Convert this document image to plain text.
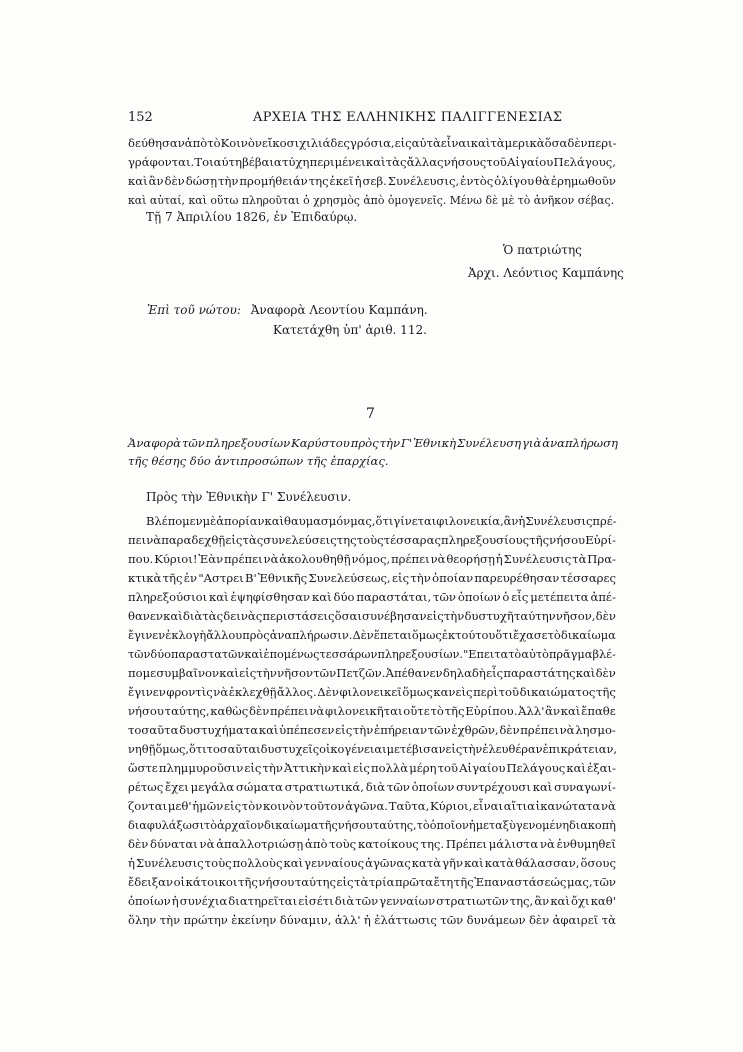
152	ΑΡΧΕΙΑ ΤΗΣ ΕΛΛΗΝΙΚΗΣ ΠΑΛΙΓΓΕΝΕΣΙΑΣ
δεύθησαν ἀπὸ τὸ Κοινὸν εἴκοσι χιλιάδες γρόσια, εἰς αὐτὰ εἶναι καὶ τὰ μερικὰ ὅσα δὲν περι-
γράφονται. Τοιαύτη βέβαια τύχη περιμένει καὶ τὰς ἄλλας νήσους τοῦ Αἰγαίου Πελάγους,
καὶ ἂν δὲν δώσῃ τὴν προμήθειάν της ἐκεῖ ἡ σεβ. Συνέλευσις, ἐντὸς ὀλίγου θὰ ἐρημωθοῦν
καὶ αὐταί, καὶ οὕτω πληροῦται ὁ χρησμὸς ἀπὸ ὁμογενεῖς. Μένω δὲ μὲ τὸ ἀνῆκον σέβας.
Τῇ 7 Ἀπριλίου 1826, ἐν Ἐπιδαύρῳ.
Ὁ πατριώτης
Ἀρχι. Λεόντιος Καμπάνης
Ἐπὶ τοῦ νώτου: Ἀναφορὰ Λεοντίου Καμπάνη.
Κατετάχθη ὑπ' ἀριθ. 112.
7
Ἀναφορὰ τῶν πληρεξουσίων Καρύστου πρὸς τὴν Γ' Ἐθνικὴ Συνέλευση γιὰ ἀναπλήρωση
τῆς θέσης δύο ἀντιπροσώπων τῆς ἐπαρχίας.
Πρὸς τὴν Ἐθνικὴν Γ' Συνέλευσιν.
Βλέπομεν μὲ ἀπορίαν καὶ θαυμασμόν μας, ὅτι γίνεται φιλονεικία, ἂν ἡ Συνέλευσις πρέ-
πει νὰ παραδεχθῇ εἰς τὰς συνελεύσεις της τοὺς τέσσαρας πληρεξουσίους τῆς νήσου Εὐρί-
που. Κύριοι! Ἐὰν πρέπει νὰ ἀκολουθηθῇ νόμος, πρέπει νὰ θεορήσῃ ἡ Συνέλευσις τὰ Πρα-
κτικὰ τῆς ἐν "Αστρει Β' Ἐθνικῆς Συνελεύσεως, εἰς τὴν ὁποίαν παρευρέθησαν τέσσαρες
πληρεξούσιοι καὶ ἐψηφίσθησαν καὶ δύο παραστάται, τῶν ὁποίων ὁ εἷς μετέπειτα ἀπέ-
θανεν καὶ διὰ τὰς δεινὰς περιστάσεις ὅσαι συνέβησαν εἰς τὴν δυστυχῆ ταύτην νῆσον, δὲν
ἔγινεν ἐκλογὴ ἄλλου πρὸς ἀναπλήρωσιν. Δὲν ἕπεται ὅμως ἐκ τούτου ὅτι ἔχασε τὸ δικαίωμα
τῶν δύο παραστατῶν καὶ ἑπομένως τεσσάρων πληρεξουσίων. "Επειτα τὸ αὐτὸ πρᾶγμα βλέ-
πομε συμβαῖνον καὶ εἰς τὴν νῆσον τῶν Πετζῶν. Ἀπέθανεν δηλαδὴ εἷς παραστάτης καὶ δὲν
ἔγινεν φροντὶς νὰ ἐκλεχθῇ ἄλλος. Δὲν φιλονεικεῖ ὅμως κανεὶς περὶ τοῦ δικαιώματος τῆς
νήσου ταύτης, καθὼς δὲν πρέπει νὰ φιλονεικῆται οὔτε τὸ τῆς Εὐρίπου. Ἀλλ' ἂν καὶ ἔπαθε
τοσαῦτα δυστυχήματα καὶ ὑπέπεσεν εἰς τὴν ἐπήρειαν τῶν ἐχθρῶν, δὲν πρέπει νὰ λησμο-
νηθῇ ὅμως, ὅτι τοσαῦται δυστυχεῖς οἰκογένειαι μετέβισαν εἰς τὴν ἐλευθέραν ἐπικράτειαν,
ὥστε πλημμυροῦσιν εἰς τὴν Ἀττικὴν καὶ εἰς πολλὰ μέρη τοῦ Αἰγαίου Πελάγους καὶ ἐξαι-
ρέτως ἔχει μεγάλα σώματα στρατιωτικά, διὰ τῶν ὁποίων συντρέχουσι καὶ συναγωνί-
ζονται μεθ' ἡμῶν εἰς τὸν κοινὸν τοῦτον ἀγῶνα. Ταῦτα, Κύριοι, εἶναι αἴτια ἱκανώτατα νὰ
διαφυλάξωσι τὸ ἀρχαῖον δικαίωμα τῆς νήσου ταύτης, τὸ ὁποῖον ἡ μεταξὺ γενομένη διακοπὴ
δὲν δύναται νὰ ἀπαλλοτριώσῃ ἀπὸ τοὺς κατοίκους της. Πρέπει μάλιστα νὰ ἐνθυμηθεῖ
ἡ Συνέλευσις τοὺς πολλοὺς καὶ γενναίους ἀγῶνας κατὰ γῆν καὶ κατὰ θάλασσαν, ὅσους
ἔδειξαν οἱ κάτοικοι τῆς νήσου ταύτης εἰς τὰ τρία πρῶτα ἔτη τῆς Ἐπαναστάσεώς μας, τῶν
ὁποίων ἡ συνέχια διατηρεῖται εἰσέτι διὰ τῶν γενναίων στρατιωτῶν της, ἂν καὶ ὄχι καθ'
ὅλην τὴν πρώτην ἐκείνην δύναμιν, ἀλλ' ἡ ἐλάττωσις τῶν δυνάμεων δὲν ἀφαιρεῖ τὰ
